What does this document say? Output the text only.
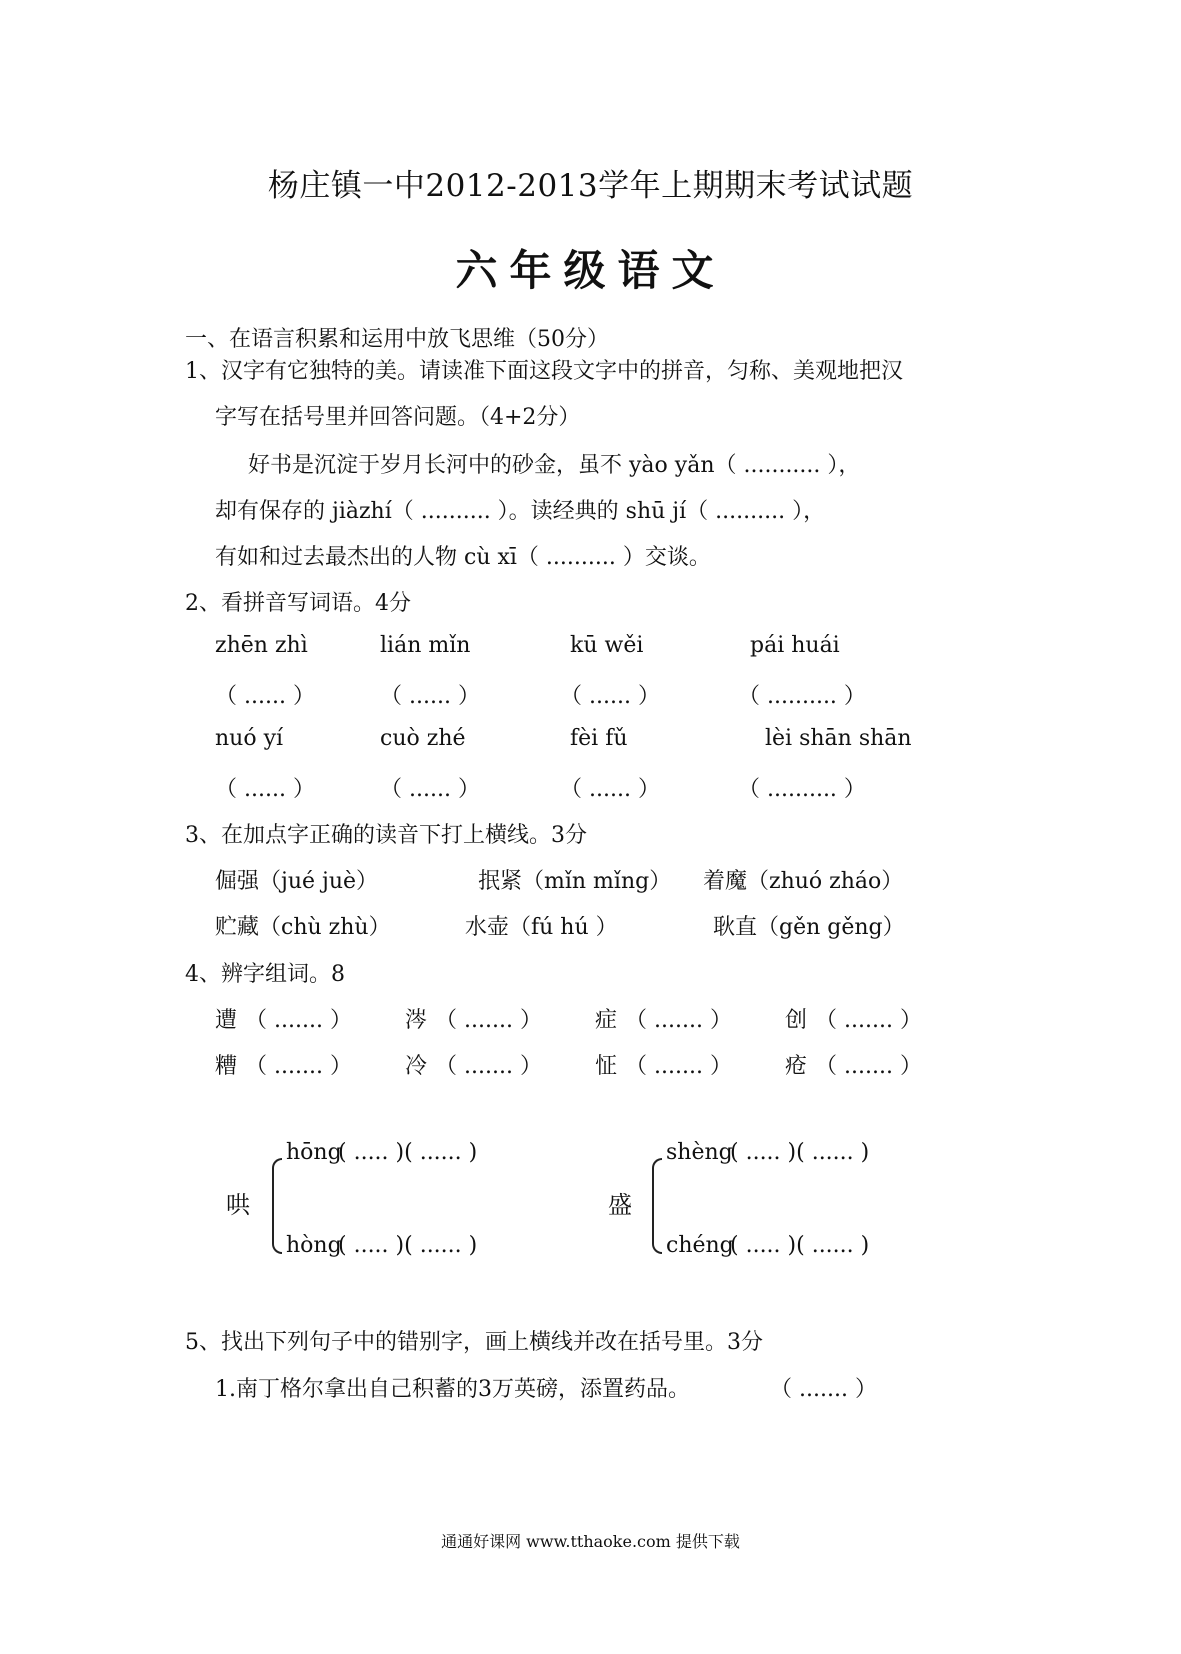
杨庄镇一中2012-2013学年上期期末考试试题
六年级语文
一、在语言积累和运用中放飞思维（50分）
1、汉字有它独特的美。请读准下面这段文字中的拼音，匀称、美观地把汉
字写在括号里并回答问题。（4+2分）
好书是沉淀于岁月长河中的砂金，虽不 yào yǎn（ ........... ），
却有保存的 jiàzhí（ .......... ）。读经典的 shū jí（ .......... ），
有如和过去最杰出的人物 cù xī（ .......... ）交谈。
2、看拼音写词语。4分
zhēn zhì	lián mǐn	kū wěi	pái huái
（ ...... ）	（ ...... ）	（ ...... ）	（ .......... ）
nuó yí	cuò zhé	fèi fǔ	lèi shān shān
（ ...... ）	（ ...... ）	（ ...... ）	（ .......... ）
3、在加点字正确的读音下打上横线。3分
倔强（jué juè）	抿紧（mǐn mǐng） 着魔（zhuó zháo）
贮藏（chù zhù）	水壶（fú hú ）	耿直（gěn gěng）
4、辨字组词。8
遭 （ ....... ） 涔 （ ....... ） 症 （ ....... ） 创 （ ....... ）
糟 （ ....... ） 冷 （ ....... ） 怔 （ ....... ） 疮 （ ....... ）
哄
hōng
( ..... )( ...... )
hòng
( ..... )( ...... )
盛
shèng
( ..... )( ...... )
chéng
( ..... )( ...... )
5、找出下列句子中的错别字，画上横线并改在括号里。3分
1.南丁格尔拿出自己积蓄的3万英磅，添置药品。	（ ....... ）
通通好课网 www.tthaoke.com 提供下载
